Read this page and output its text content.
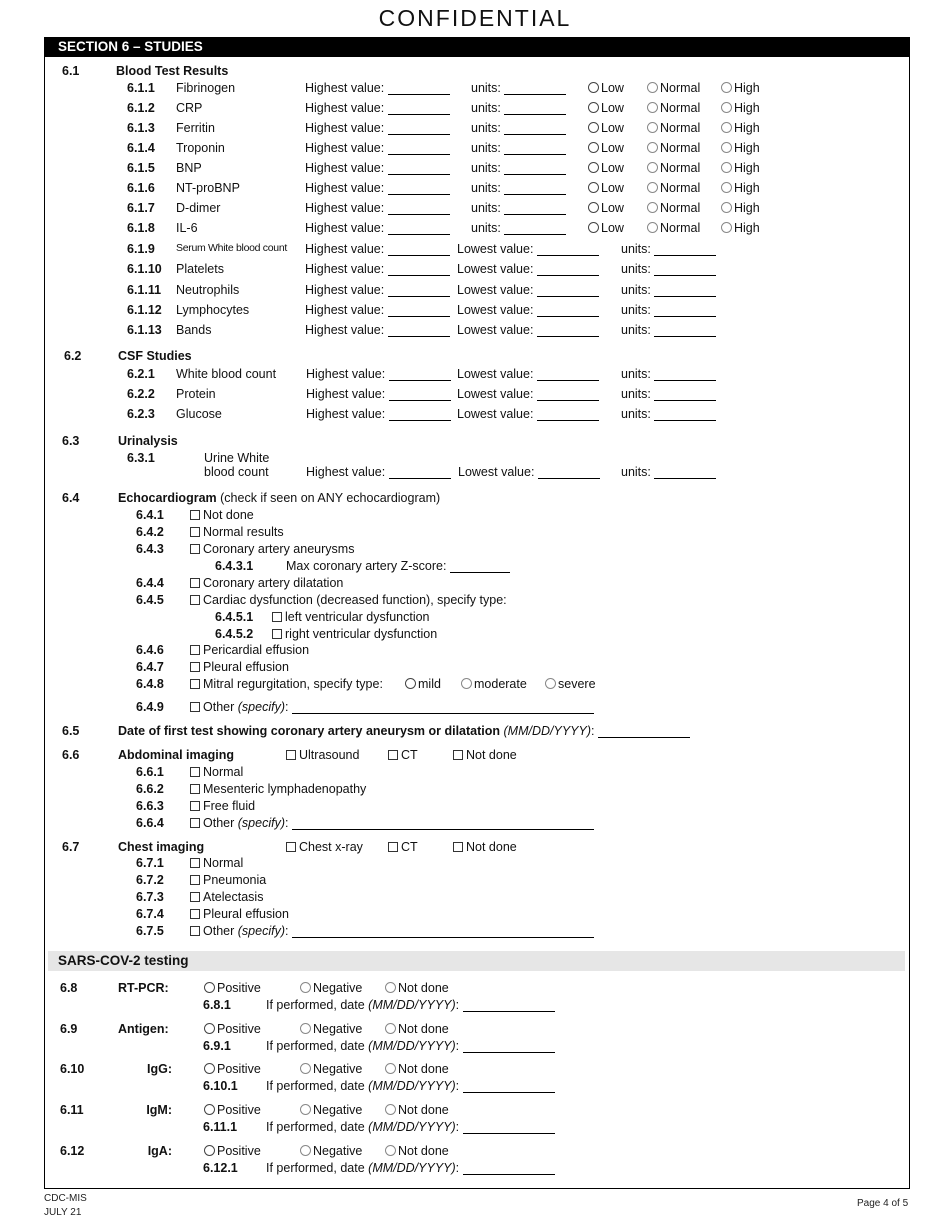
CONFIDENTIAL
SECTION 6 – STUDIES
6.1	Blood Test Results
6.1.1 Fibrinogen	Highest value:	units:	Low	Normal	High
6.1.2 CRP	Highest value:	units:	Low	Normal	High
6.1.3 Ferritin	Highest value:	units:	Low	Normal	High
6.1.4 Troponin	Highest value:	units:	Low	Normal	High
6.1.5 BNP	Highest value:	units:	Low	Normal	High
6.1.6 NT-proBNP	Highest value:	units:	Low	Normal	High
6.1.7 D-dimer	Highest value:	units:	Low	Normal	High
6.1.8 IL-6	Highest value:	units:	Low	Normal	High
6.1.9 Serum White blood count Highest value:	Lowest value:	units:
6.1.10 Platelets	Highest value:	Lowest value:	units:
6.1.11 Neutrophils	Highest value:	Lowest value:	units:
6.1.12 Lymphocytes	Highest value:	Lowest value:	units:
6.1.13 Bands	Highest value:	Lowest value:	units:
6.2	CSF Studies
6.2.1 White blood count Highest value:	Lowest value:	units:
6.2.2 Protein	Highest value:	Lowest value:	units:
6.2.3 Glucose	Highest value:	Lowest value:	units:
6.3	Urinalysis
6.3.1	Urine White
blood count	Highest value:	Lowest value:	units:
6.4	Echocardiogram (check if seen on ANY echocardiogram)
6.4.1	Not done
6.4.2	Normal results
6.4.3	Coronary artery aneurysms
6.4.3.1	Max coronary artery Z-score:
6.4.4	Coronary artery dilatation
6.4.5	Cardiac dysfunction (decreased function), specify type:
6.4.5.1	left ventricular dysfunction
6.4.5.2	right ventricular dysfunction
6.4.6	Pericardial effusion
6.4.7	Pleural effusion
6.4.8	Mitral regurgitation, specify type:
6.4.9	Other (specify):
mild	moderate	severe
6.5	Date of first test showing coronary artery aneurysm or dilatation (MM/DD/YYYY):
6.6	Abdominal imaging	Ultrasound	CT	Not done
6.6.1	Normal
6.6.2	Mesenteric lymphadenopathy
6.6.3	Free fluid
6.6.4	Other (specify):
6.7	Chest imaging	Chest x-ray	CT	Not done
6.7.1	Normal
6.7.2	Pneumonia
6.7.3	Atelectasis
6.7.4	Pleural effusion
6.7.5	Other (specify):
SARS-COV-2 testing
6.8	RT-PCR:	Positive	Negative	Not done
6.8.1	If performed, date (MM/DD/YYYY):
6.9	Antigen:	Positive	Negative	Not done
6.9.1	If performed, date (MM/DD/YYYY):
6.10	IgG:	Positive	Negative	Not done
6.10.1 If performed, date (MM/DD/YYYY):
6.11	IgM:	Positive	Negative	Not done
6.11.1 If performed, date (MM/DD/YYYY):
6.12	IgA:	Positive	Negative	Not done
6.12.1 If performed, date (MM/DD/YYYY):
CDC-MIS
JULY 21
Page 4 of 5
